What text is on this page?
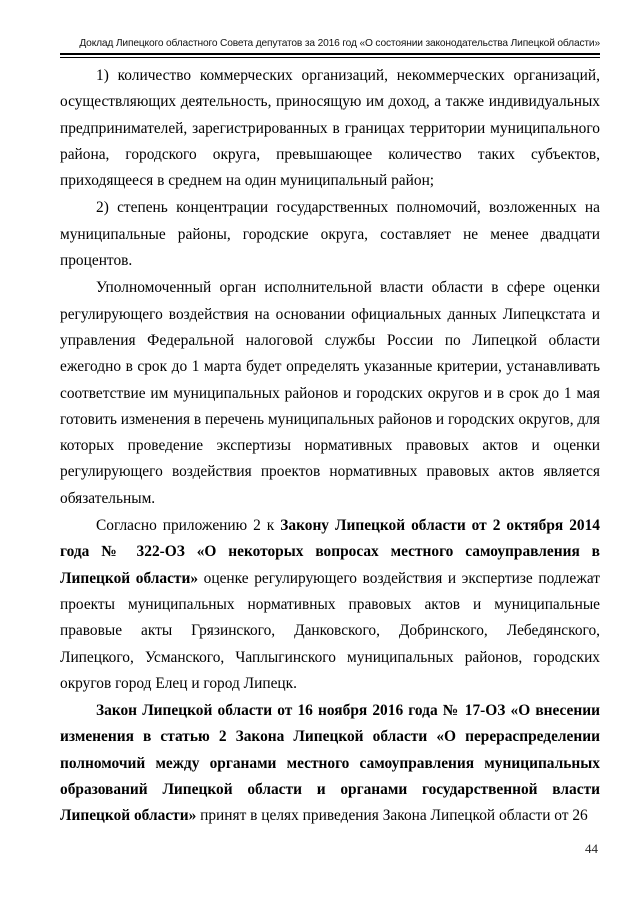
Доклад Липецкого областного Совета депутатов за 2016 год «О состоянии законодательства Липецкой области»

1) количество коммерческих организаций, некоммерческих организаций, осуществляющих деятельность, приносящую им доход, а также индивидуальных предпринимателей, зарегистрированных в границах территории муниципального района, городского округа, превышающее количество таких субъектов, приходящееся в среднем на один муниципальный район;

2) степень концентрации государственных полномочий, возложенных на муниципальные районы, городские округа, составляет не менее двадцати процентов.

Уполномоченный орган исполнительной власти области в сфере оценки регулирующего воздействия на основании официальных данных Липецкстата и управления Федеральной налоговой службы России по Липецкой области ежегодно в срок до 1 марта будет определять указанные критерии, устанавливать соответствие им муниципальных районов и городских округов и в срок до 1 мая готовить изменения в перечень муниципальных районов и городских округов, для которых проведение экспертизы нормативных правовых актов и оценки регулирующего воздействия проектов нормативных правовых актов является обязательным.

Согласно приложению 2 к Закону Липецкой области от 2 октября 2014 года № 322-ОЗ «О некоторых вопросах местного самоуправления в Липецкой области» оценке регулирующего воздействия и экспертизе подлежат проекты муниципальных нормативных правовых актов и муниципальные правовые акты Грязинского, Данковского, Добринского, Лебедянского, Липецкого, Усманского, Чаплыгинского муниципальных районов, городских округов город Елец и город Липецк.

Закон Липецкой области от 16 ноября 2016 года № 17-ОЗ «О внесении изменения в статью 2 Закона Липецкой области «О перераспределении полномочий между органами местного самоуправления муниципальных образований Липецкой области и органами государственной власти Липецкой области» принят в целях приведения Закона Липецкой области от 26

44
